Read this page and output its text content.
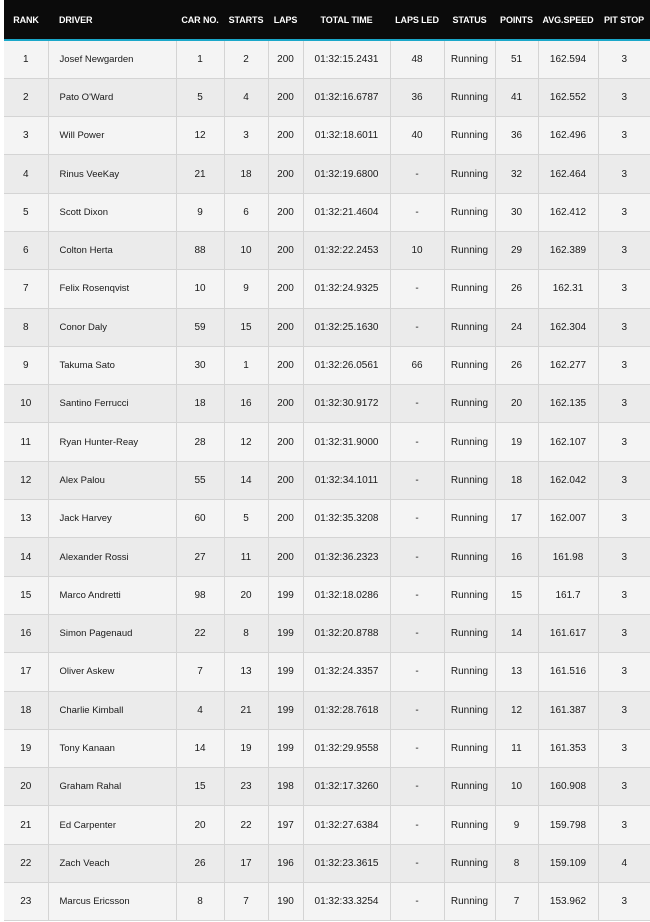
RANK	DRIVER	CAR NO.	STARTS	LAPS	TOTAL TIME	LAPS LED	STATUS	POINTS	AVG.SPEED	PIT STOP
1	Josef Newgarden	1	2	200	01:32:15.2431	48	Running	51	162.594	3
2	Pato O'Ward	5	4	200	01:32:16.6787	36	Running	41	162.552	3
3	Will Power	12	3	200	01:32:18.6011	40	Running	36	162.496	3
4	Rinus VeeKay	21	18	200	01:32:19.6800	-	Running	32	162.464	3
5	Scott Dixon	9	6	200	01:32:21.4604	-	Running	30	162.412	3
6	Colton Herta	88	10	200	01:32:22.2453	10	Running	29	162.389	3
7	Felix Rosenqvist	10	9	200	01:32:24.9325	-	Running	26	162.31	3
8	Conor Daly	59	15	200	01:32:25.1630	-	Running	24	162.304	3
9	Takuma Sato	30	1	200	01:32:26.0561	66	Running	26	162.277	3
10	Santino Ferrucci	18	16	200	01:32:30.9172	-	Running	20	162.135	3
11	Ryan Hunter-Reay	28	12	200	01:32:31.9000	-	Running	19	162.107	3
12	Alex Palou	55	14	200	01:32:34.1011	-	Running	18	162.042	3
13	Jack Harvey	60	5	200	01:32:35.3208	-	Running	17	162.007	3
14	Alexander Rossi	27	11	200	01:32:36.2323	-	Running	16	161.98	3
15	Marco Andretti	98	20	199	01:32:18.0286	-	Running	15	161.7	3
16	Simon Pagenaud	22	8	199	01:32:20.8788	-	Running	14	161.617	3
17	Oliver Askew	7	13	199	01:32:24.3357	-	Running	13	161.516	3
18	Charlie Kimball	4	21	199	01:32:28.7618	-	Running	12	161.387	3
19	Tony Kanaan	14	19	199	01:32:29.9558	-	Running	11	161.353	3
20	Graham Rahal	15	23	198	01:32:17.3260	-	Running	10	160.908	3
21	Ed Carpenter	20	22	197	01:32:27.6384	-	Running	9	159.798	3
22	Zach Veach	26	17	196	01:32:23.3615	-	Running	8	159.109	4
23	Marcus Ericsson	8	7	190	01:32:33.3254	-	Running	7	153.962	3
